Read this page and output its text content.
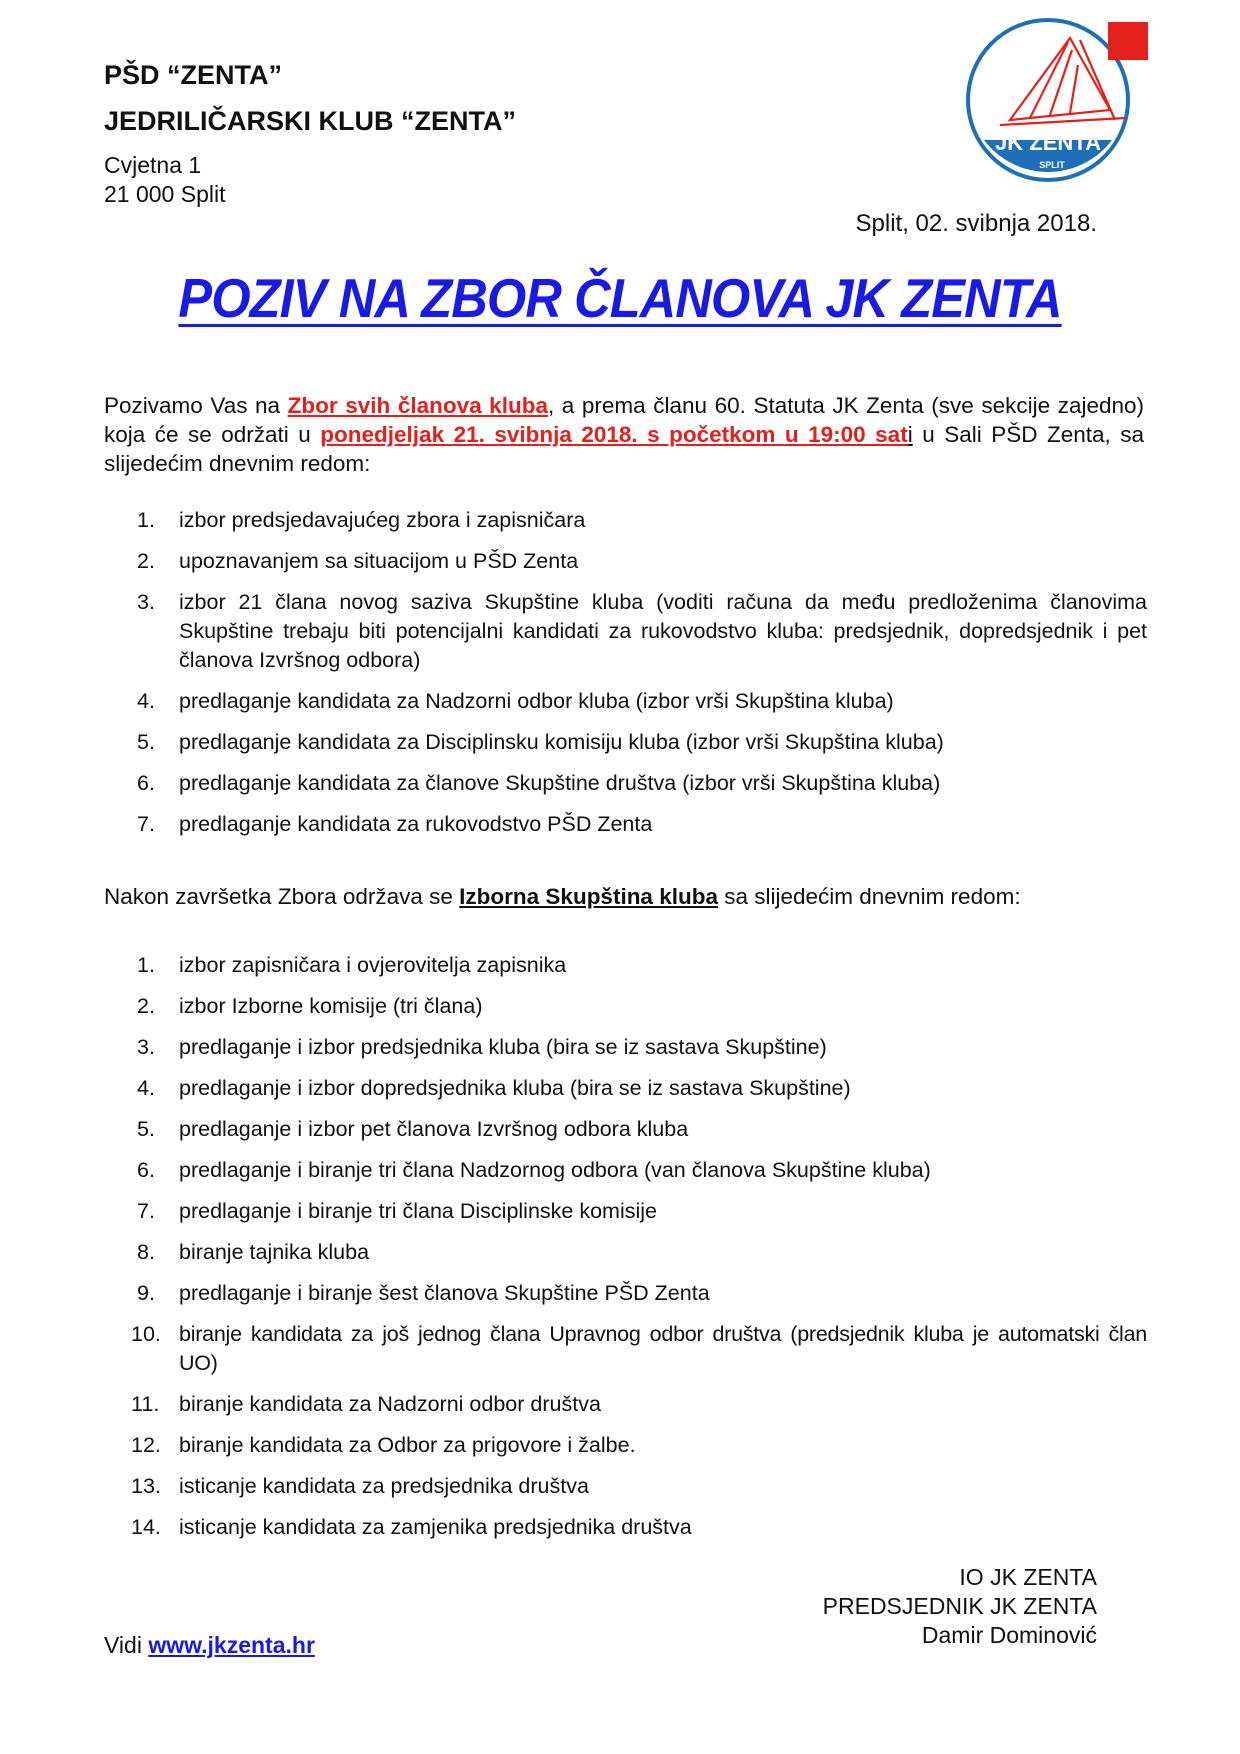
PŠD “ZENTA”
JEDRILIČARSKI KLUB “ZENTA”
Cvjetna 1
21 000 Split
Split, 02. svibnja 2018.
JK ZENTA
SPLIT
POZIV NA ZBOR ČLANOVA JK ZENTA
Pozivamo Vas na Zbor svih članova kluba, a prema članu 60. Statuta JK Zenta (sve sekcije zajedno) koja će se održati u ponedjeljak 21. svibnja 2018. s početkom u 19:00 sati u Sali PŠD Zenta, sa slijedećim dnevnim redom:
1.	izbor predsjedavajućeg zbora i zapisničara
2.	upoznavanjem sa situacijom u PŠD Zenta
3.	izbor 21 člana novog saziva Skupštine kluba (voditi računa da među predloženima članovima Skupštine trebaju biti potencijalni kandidati za rukovodstvo kluba: predsjednik, dopredsjednik i pet članova Izvršnog odbora)
4.	predlaganje kandidata za Nadzorni odbor kluba (izbor vrši Skupština kluba)
5.	predlaganje kandidata za Disciplinsku komisiju kluba (izbor vrši Skupština kluba)
6.	predlaganje kandidata za članove Skupštine društva (izbor vrši Skupština kluba)
7.	predlaganje kandidata za rukovodstvo PŠD Zenta
Nakon završetka Zbora održava se Izborna Skupština kluba sa slijedećim dnevnim redom:
1.	izbor zapisničara i ovjerovitelja zapisnika
2.	izbor Izborne komisije (tri člana)
3.	predlaganje i izbor predsjednika kluba (bira se iz sastava Skupštine)
4.	predlaganje i izbor dopredsjednika kluba (bira se iz sastava Skupštine)
5.	predlaganje i izbor pet članova Izvršnog odbora kluba
6.	predlaganje i biranje tri člana Nadzornog odbora (van članova Skupštine kluba)
7.	predlaganje i biranje tri člana Disciplinske komisije
8.	biranje tajnika kluba
9.	predlaganje i biranje šest članova Skupštine PŠD Zenta
10. biranje kandidata za još jednog člana Upravnog odbor društva (predsjednik kluba je automatski član UO)
11. biranje kandidata za Nadzorni odbor društva
12. biranje kandidata za Odbor za prigovore i žalbe.
13. isticanje kandidata za predsjednika društva
14. isticanje kandidata za zamjenika predsjednika društva
IO JK ZENTA
PREDSJEDNIK JK ZENTA
Damir Dominović
Vidi www.jkzenta.hr
